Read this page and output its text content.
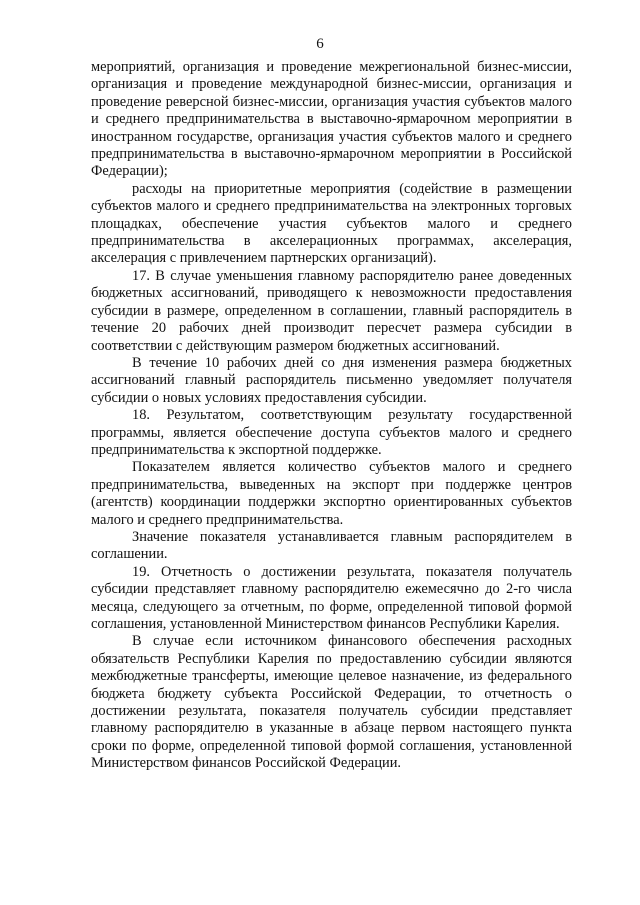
6

мероприятий, организация и проведение межрегиональной бизнес-миссии, организация и проведение международной бизнес-миссии, организация и проведение реверсной бизнес-миссии, организация участия субъектов малого и среднего предпринимательства в выставочно-ярмарочном мероприятии в иностранном государстве, организация участия субъектов малого и среднего предпринимательства в выставочно-ярмарочном мероприятии в Российской Федерации);

расходы на приоритетные мероприятия (содействие в размещении субъектов малого и среднего предпринимательства на электронных торговых площадках, обеспечение участия субъектов малого и среднего предпринимательства в акселерационных программах, акселерация, акселерация с привлечением партнерских организаций).

17. В случае уменьшения главному распорядителю ранее доведенных бюджетных ассигнований, приводящего к невозможности предоставления субсидии в размере, определенном в соглашении, главный распорядитель в течение 20 рабочих дней производит пересчет размера субсидии в соответствии с действующим размером бюджетных ассигнований.

В течение 10 рабочих дней со дня изменения размера бюджетных ассигнований главный распорядитель письменно уведомляет получателя субсидии о новых условиях предоставления субсидии.

18. Результатом, соответствующим результату государственной программы, является обеспечение доступа субъектов малого и среднего предпринимательства к экспортной поддержке.

Показателем является количество субъектов малого и среднего предпринимательства, выведенных на экспорт при поддержке центров (агентств) координации поддержки экспортно ориентированных субъектов малого и среднего предпринимательства.

Значение показателя устанавливается главным распорядителем в соглашении.

19. Отчетность о достижении результата, показателя получатель субсидии представляет главному распорядителю ежемесячно до 2-го числа месяца, следующего за отчетным, по форме, определенной типовой формой соглашения, установленной Министерством финансов Республики Карелия.

В случае если источником финансового обеспечения расходных обязательств Республики Карелия по предоставлению субсидии являются межбюджетные трансферты, имеющие целевое назначение, из федерального бюджета бюджету субъекта Российской Федерации, то отчетность о достижении результата, показателя получатель субсидии представляет главному распорядителю в указанные в абзаце первом настоящего пункта сроки по форме, определенной типовой формой соглашения, установленной Министерством финансов Российской Федерации.
